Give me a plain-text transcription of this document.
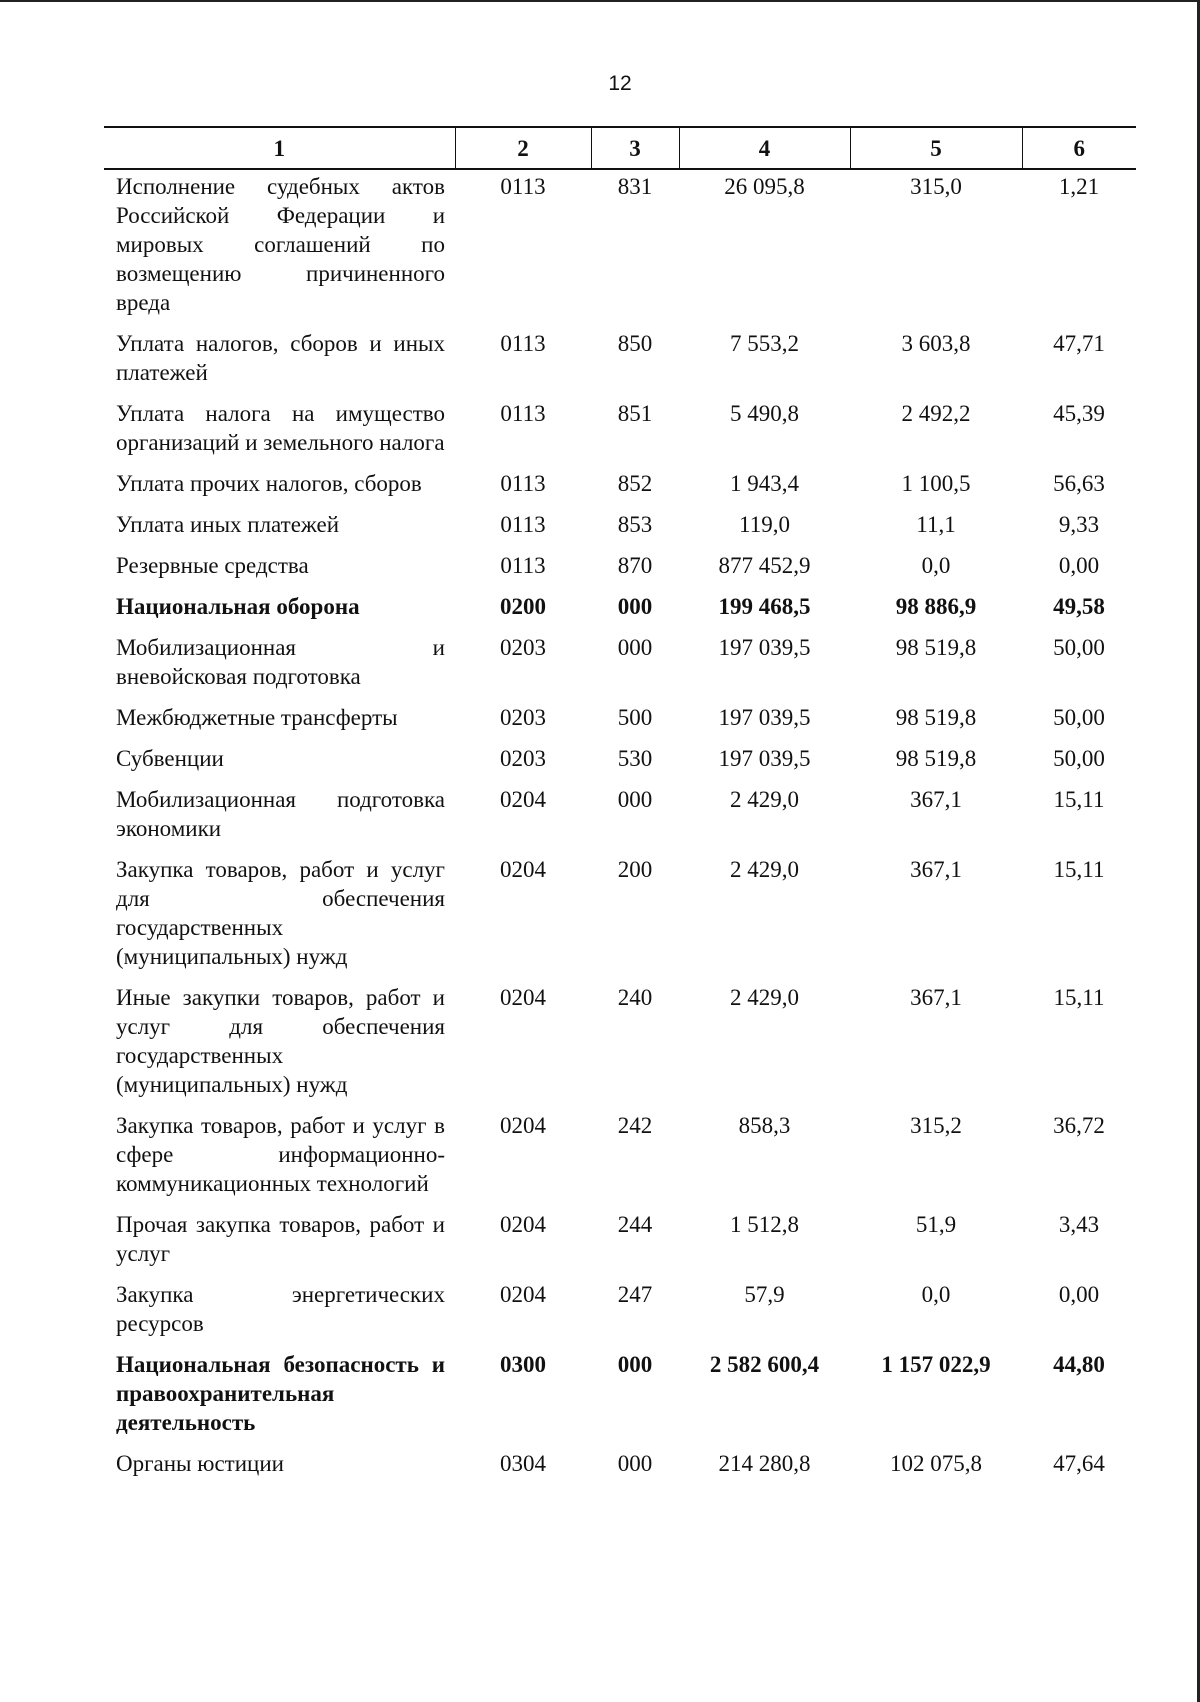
12
1	2	3	4	5	6
Исполнение судебных актов Российской Федерации и мировых соглашений по возмещению причиненного вреда	0113	831	26 095,8	315,0	1,21
Уплата налогов, сборов и иных платежей	0113	850	7 553,2	3 603,8	47,71
Уплата налога на имущество организаций и земельного налога	0113	851	5 490,8	2 492,2	45,39
Уплата прочих налогов, сборов	0113	852	1 943,4	1 100,5	56,63
Уплата иных платежей	0113	853	119,0	11,1	9,33
Резервные средства	0113	870	877 452,9	0,0	0,00
Национальная оборона	0200	000	199 468,5	98 886,9	49,58
Мобилизационная и вневойсковая подготовка	0203	000	197 039,5	98 519,8	50,00
Межбюджетные трансферты	0203	500	197 039,5	98 519,8	50,00
Субвенции	0203	530	197 039,5	98 519,8	50,00
Мобилизационная подготовка экономики	0204	000	2 429,0	367,1	15,11
Закупка товаров, работ и услуг для обеспечения государственных (муниципальных) нужд	0204	200	2 429,0	367,1	15,11
Иные закупки товаров, работ и услуг для обеспечения государственных (муниципальных) нужд	0204	240	2 429,0	367,1	15,11
Закупка товаров, работ и услуг в сфере информационно-коммуникационных технологий	0204	242	858,3	315,2	36,72
Прочая закупка товаров, работ и услуг	0204	244	1 512,8	51,9	3,43
Закупка энергетических ресурсов	0204	247	57,9	0,0	0,00
Национальная безопасность и правоохранительная деятельность	0300	000	2 582 600,4	1 157 022,9	44,80
Органы юстиции	0304	000	214 280,8	102 075,8	47,64
